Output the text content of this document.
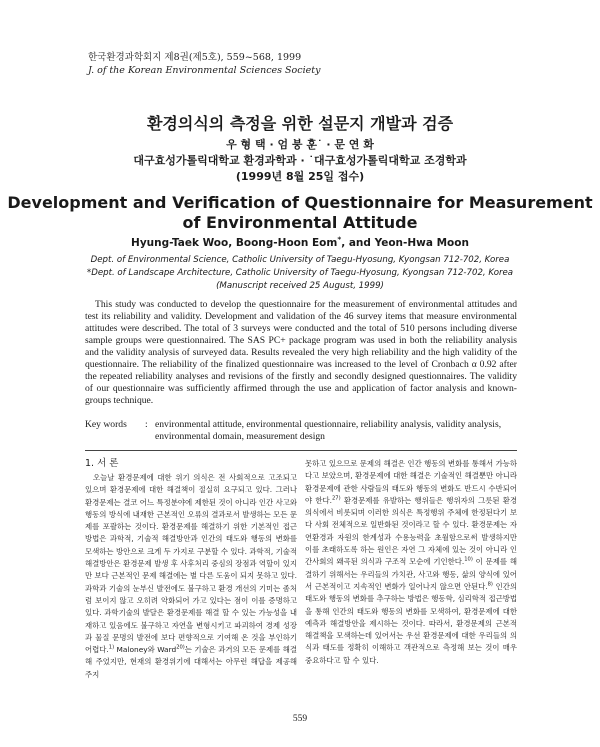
한국환경과학회지 제8권(제5호), 559~568, 1999
J. of the Korean Environmental Sciences Society
환경의식의 측정을 위한 설문지 개발과 검증
우 형 택 · 엄 붕 훈˙ · 문 연 화
대구효성가톨릭대학교 환경과학과 · ˙대구효성가톨릭대학교 조경학과
(1999년 8월 25일 접수)
Development and Verification of Questionnaire for Measurement
of Environmental Attitude
Hyung-Taek Woo, Boong-Hoon Eom*, and Yeon-Hwa Moon
Dept. of Environmental Science, Catholic University of Taegu-Hyosung, Kyongsan 712-702, Korea
*Dept. of Landscape Architecture, Catholic University of Taegu-Hyosung, Kyongsan 712-702, Korea
(Manuscript received 25 August, 1999)

This study was conducted to develop the questionnaire for the measurement of environmental attitudes and test its reliability and validity. Development and validation of the 46 survey items that measure environmental attitudes were described. The total of 3 surveys were conducted and the total of 510 persons including diverse sample groups were questionnaired. The SAS PC+ package program was used in both the reliability analysis and the validity analysis of surveyed data. Results revealed the very high reliability and the high validity of the questionnaire. The reliability of the finalized questionnaire was increased to the level of Cronbach α 0.92 after the repeated reliability analyses and revisions of the firstly and secondly designed questionnaires. The validity of our questionnaire was sufficiently affirmed through the use and application of factor analysis and known-groups technique.

Key words : environmental attitude, environmental questionnaire, reliability analysis, validity analysis, environmental domain, measurement design
1. 서 론

오늘날 환경문제에 대한 위기 의식은 전 사회적으로 고조되고 있으며 환경문제에 대한 해결책이 절실히 요구되고 있다. 그러나 환경문제는 결코 어느 특정분야에 제한된 것이 아니라 인간 사고와 행동의 방식에 내재한 근본적인 오류의 결과로서 발생하는 모든 문제를 포괄하는 것이다. 환경문제를 해결하기 위한 기본적인 접근 방법은 과학적, 기술적 해결방안과 인간의 태도와 행동의 변화를 모색하는 방안으로 크게 두 가지로 구분할 수 있다. 과학적, 기술적 해결방안은 환경문제 발생 후 사후처리 중심의 장점과 역할이 있지만 보다 근본적인 문제 해결에는 별 다른 도움이 되지 못하고 있다. 과학과 기술의 눈부신 발전에도 불구하고 환경 개선의 기미는 좀처럼 보이지 않고 오히려 악화되어 가고 있다는 점이 이를 증명하고 있다. 과학기술의 발달은 환경문제를 해결 할 수 있는 가능성을 내재하고 있음에도 불구하고 자연을 변형시키고 파괴하여 경제 성장과 물질 문명의 발전에 보다 편향적으로 기여해 온 것을 부인하기 어렵다.$^{1)}$ Maloney와 Ward$^{20)}$는 기술은 과거의 모든 문제를 해결해 주었지만, 현재의 환경위기에 대해서는 아무런 해답을 제공해 주지

못하고 있으므로 문제의 해결은 인간 행동의 변화를 통해서 가능하다고 보았으며, 환경문제에 대한 해결은 기술적인 해결뿐만 아니라 환경문제에 관한 사람들의 태도와 행동의 변화도 반드시 수반되어야 한다.$^{27)}$ 환경문제를 유발하는 행위들은 행위자의 그릇된 환경의식에서 비롯되며 이러한 의식은 특정행위 주체에 한정된다기 보다 사회 전체적으로 일반화된 것이라고 할 수 있다. 환경문제는 자연환경과 자원의 한계성과 수용능력을 초월함으로써 발생하지만 이를 초래하도록 하는 원인은 자연 그 자체에 있는 것이 아니라 인간사회의 왜곡된 의식과 구조적 모순에 기인한다.$^{10)}$ 이 문제를 해결하기 위해서는 우리들의 가치관, 사고와 행동, 삶의 양식에 있어서 근본적이고 지속적인 변화가 일어나지 않으면 안된다.$^{8)}$ 인간의 태도와 행동의 변화를 추구하는 방법은 행동학, 심리학적 접근방법을 통해 인간의 태도와 행동의 변화를 모색하여, 환경문제에 대한 예측과 해결방안을 제시하는 것이다. 따라서, 환경문제의 근본적 해결책을 모색하는데 있어서는 우선 환경문제에 대한 우리들의 의식과 태도를 정확히 이해하고 객관적으로 측정해 보는 것이 매우 중요하다고 할 수 있다.

559
